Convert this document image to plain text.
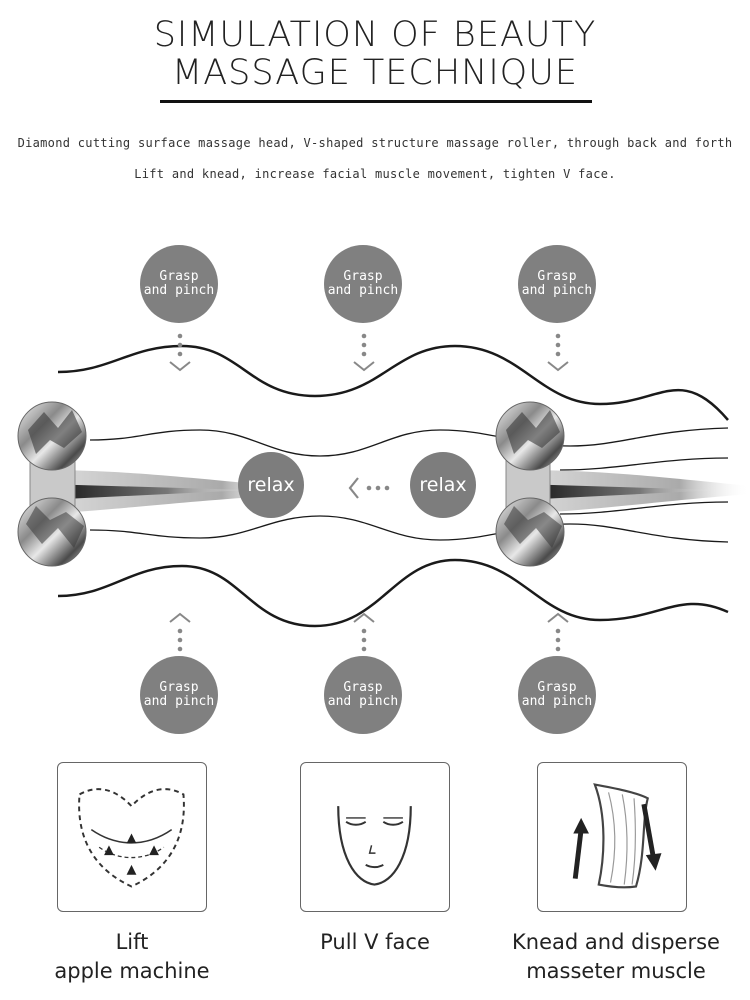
SIMULATION OF BEAUTY
MASSAGE TECHNIQUE
Diamond cutting surface massage head, V-shaped structure massage roller, through back and forth
Lift and knead, increase facial muscle movement, tighten V face.
Grasp
and pinch
Grasp
and pinch
Grasp
and pinch
relax	relax
Grasp
and pinch
Grasp
and pinch
Grasp
and pinch
Lift
apple machine
Pull V face	Knead and disperse
masseter muscle
